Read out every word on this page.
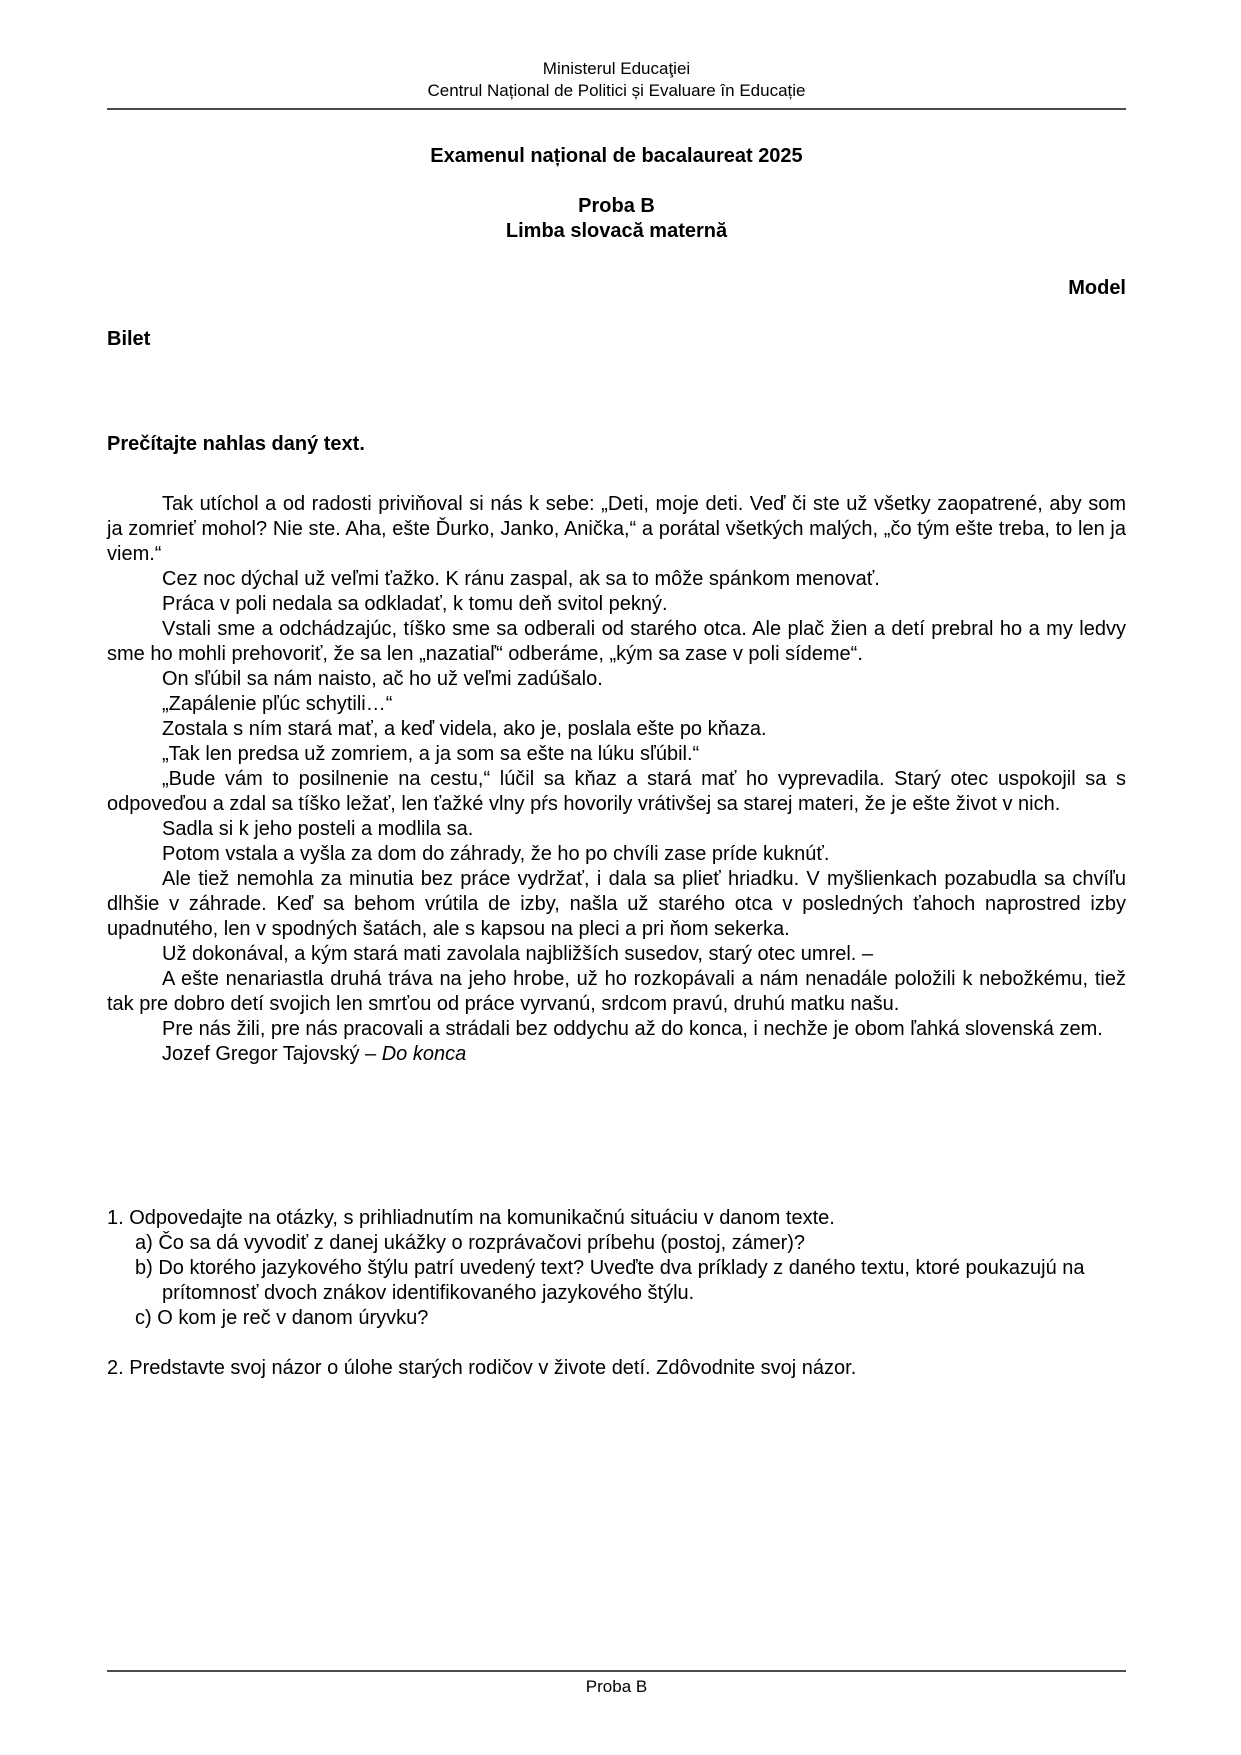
Ministerul Educaţiei
Centrul Național de Politici și Evaluare în Educație
Examenul național de bacalaureat 2025
Proba B
Limba slovacă maternă
Model
Bilet
Prečítajte nahlas daný text.

Tak utíchol a od radosti priviňoval si nás k sebe: „Deti, moje deti. Veď či ste už všetky zaopatrené, aby som ja zomrieť mohol? Nie ste. Aha, ešte Ďurko, Janko, Anička,“ a porátal všetkých malých, „čo tým ešte treba, to len ja viem.“

Cez noc dýchal už veľmi ťažko. K ránu zaspal, ak sa to môže spánkom menovať.

Práca v poli nedala sa odkladať, k tomu deň svitol pekný.

Vstali sme a odchádzajúc, tíško sme sa odberali od starého otca. Ale plač žien a detí prebral ho a my ledvy sme ho mohli prehovoriť, že sa len „nazatiaľ“ odberáme, „kým sa zase v poli sídeme“.

On sľúbil sa nám naisto, ač ho už veľmi zadúšalo.

„Zapálenie pľúc schytili…“

Zostala s ním stará mať, a keď videla, ako je, poslala ešte po kňaza.

„Tak len predsa už zomriem, a ja som sa ešte na lúku sľúbil.“

„Bude vám to posilnenie na cestu,“ lúčil sa kňaz a stará mať ho vyprevadila. Starý otec uspokojil sa s odpoveďou a zdal sa tíško ležať, len ťažké vlny pŕs hovorily vrátivšej sa starej materi, že je ešte život v nich.

Sadla si k jeho posteli a modlila sa.

Potom vstala a vyšla za dom do záhrady, že ho po chvíli zase príde kuknúť.

Ale tiež nemohla za minutia bez práce vydržať, i dala sa plieť hriadku. V myšlienkach pozabudla sa chvíľu dlhšie v záhrade. Keď sa behom vrútila de izby, našla už starého otca v posledných ťahoch naprostred izby upadnutého, len v spodných šatách, ale s kapsou na pleci a pri ňom sekerka.

Už dokonával, a kým stará mati zavolala najbližších susedov, starý otec umrel. –

A ešte nenariastla druhá tráva na jeho hrobe, už ho rozkopávali a nám nenadále položili k nebožkému, tiež tak pre dobro detí svojich len smrťou od práce vyrvanú, srdcom pravú, druhú matku našu.

Pre nás žili, pre nás pracovali a strádali bez oddychu až do konca, i nechže je obom ľahká slovenská zem.

Jozef Gregor Tajovský – Do konca

1. Odpovedajte na otázky, s prihliadnutím na komunikačnú situáciu v danom texte.

a) Čo sa dá vyvodiť z danej ukážky o rozprávačovi príbehu (postoj, zámer)?

b) Do ktorého jazykového štýlu patrí uvedený text? Uveďte dva príklady z daného textu, ktoré poukazujú na prítomnosť dvoch znákov identifikovaného jazykového štýlu.

c) O kom je reč v danom úryvku?

2. Predstavte svoj názor o úlohe starých rodičov v živote detí. Zdôvodnite svoj názor.

Proba B
